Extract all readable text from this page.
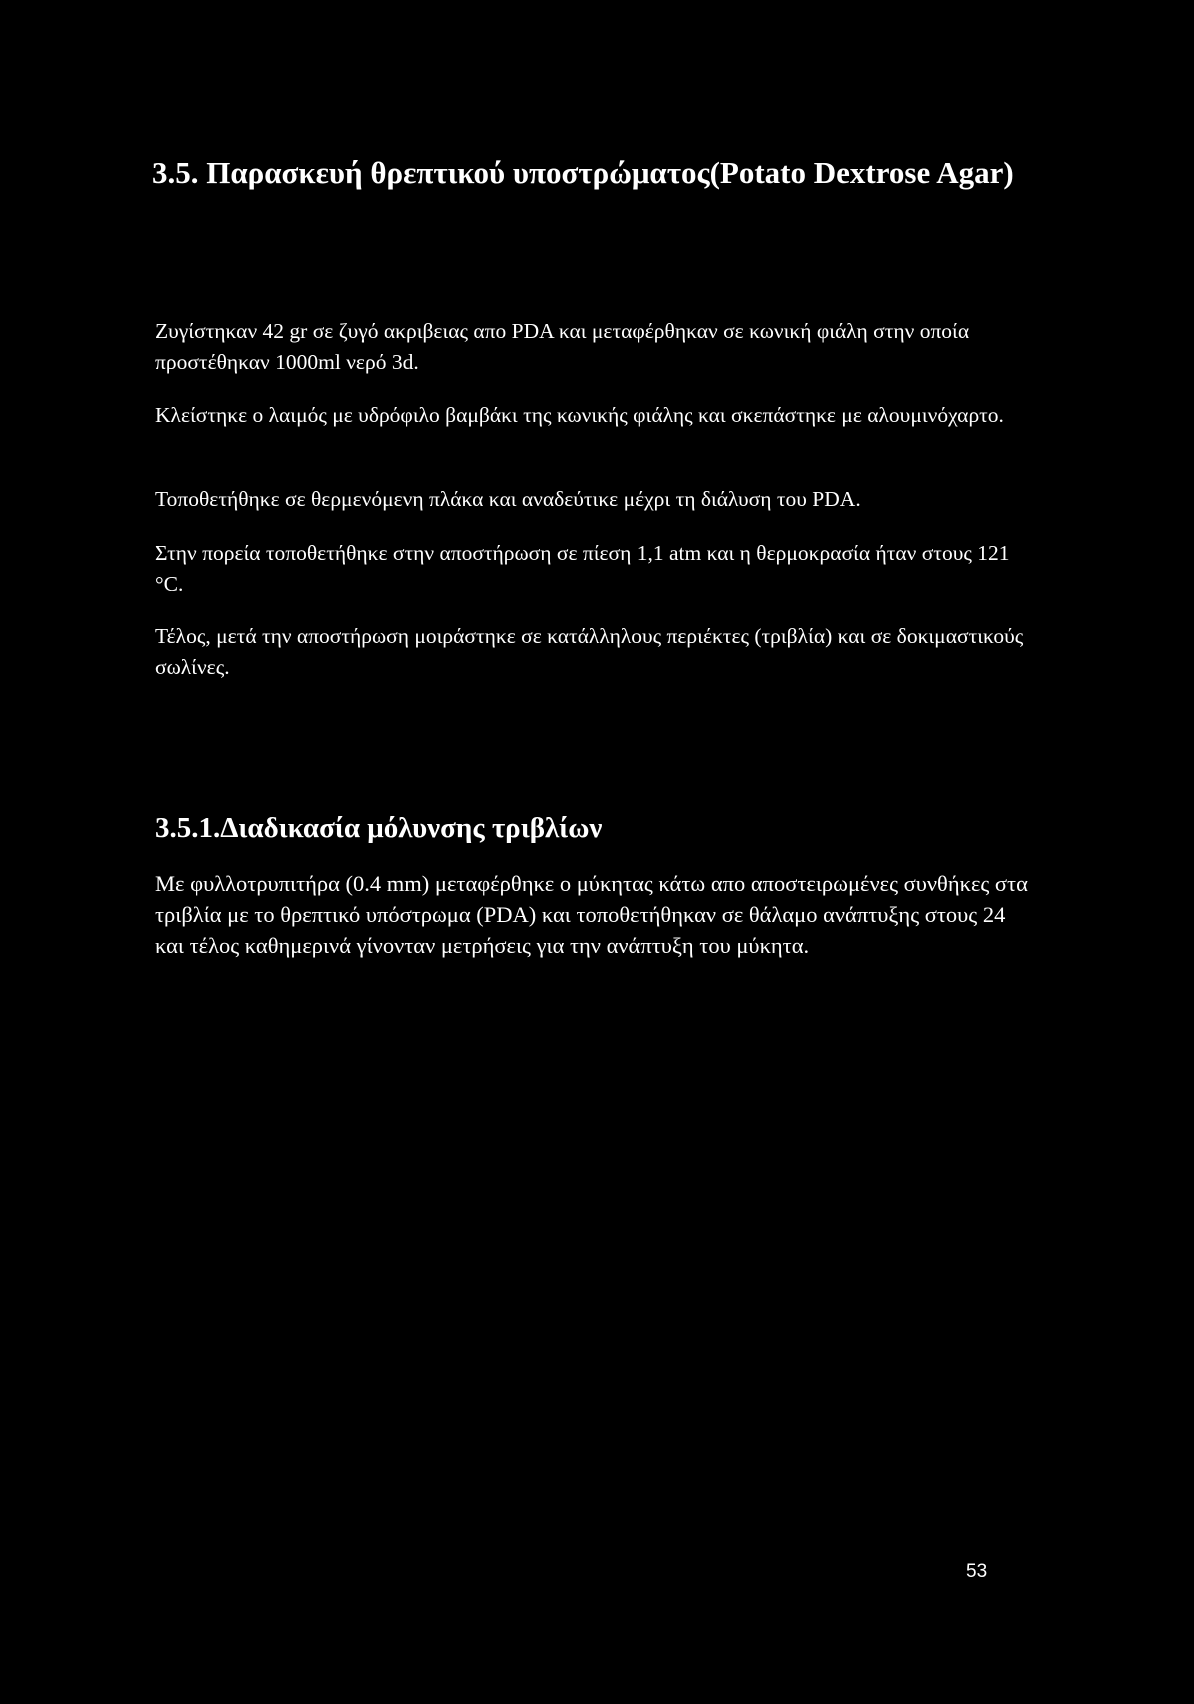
3.5. Παρασκευή θρεπτικού υποστρώματος(Potato Dextrose Agar)

Ζυγίστηκαν 42 gr σε ζυγό ακριβειας απο PDA και μεταφέρθηκαν σε κωνική φιάλη στην οποία προστέθηκαν 1000ml νερό 3d.

Κλείστηκε ο λαιμός με υδρόφιλο βαμβάκι της κωνικής φιάλης και σκεπάστηκε με αλουμινόχαρτο.

Τοποθετήθηκε σε θερμενόμενη πλάκα και αναδεύτικε μέχρι τη διάλυση του PDA.

Στην πορεία τοποθετήθηκε στην αποστήρωση σε πίεση 1,1 atm και η θερμοκρασία ήταν στους 121 °C.

Τέλος, μετά την αποστήρωση μοιράστηκε σε κατάλληλους περιέκτες (τριβλία) και σε δοκιμαστικούς σωλίνες.

3.5.1.Διαδικασία μόλυνσης τριβλίων

Με φυλλοτρυπιτήρα (0.4 mm) μεταφέρθηκε ο μύκητας κάτω απο αποστειρωμένες συνθήκες στα τριβλία με το θρεπτικό υπόστρωμα (PDA) και τοποθετήθηκαν σε θάλαμο ανάπτυξης στους 24      και τέλος καθημερινά γίνονταν μετρήσεις για την ανάπτυξη του μύκητα.

53
